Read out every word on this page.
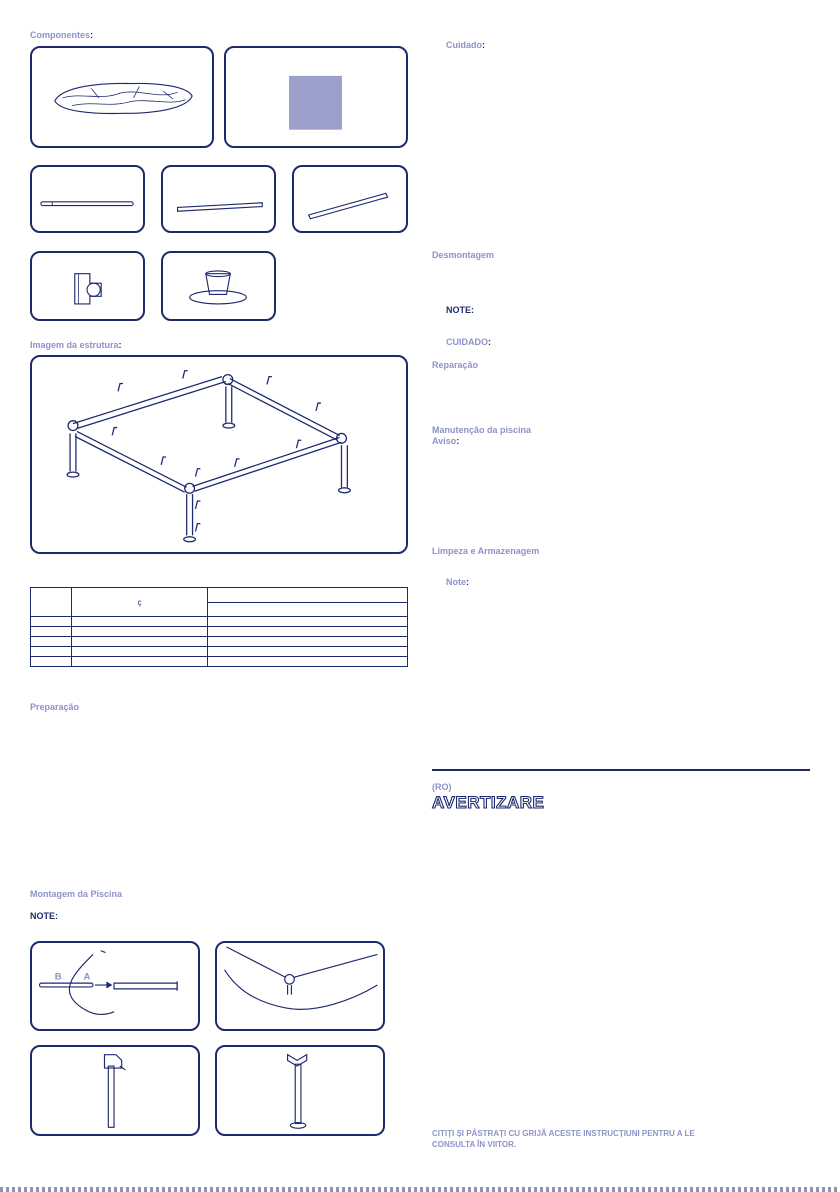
Componentes:
Imagem da estrutura:
	ç	

Preparação
Montagem da Piscina
NOTE:
B A
Cuidado:
Desmontagem
NOTE:
CUIDADO:
Reparação
Manutenção da piscina
Aviso:
Limpeza e Armazenagem
Note:
(RO)
AVERTIZARE
CITIȚI ȘI PĂSTRAȚI CU GRIJĂ ACESTE INSTRUCȚIUNI PENTRU A LE
CONSULTA ÎN VIITOR.
